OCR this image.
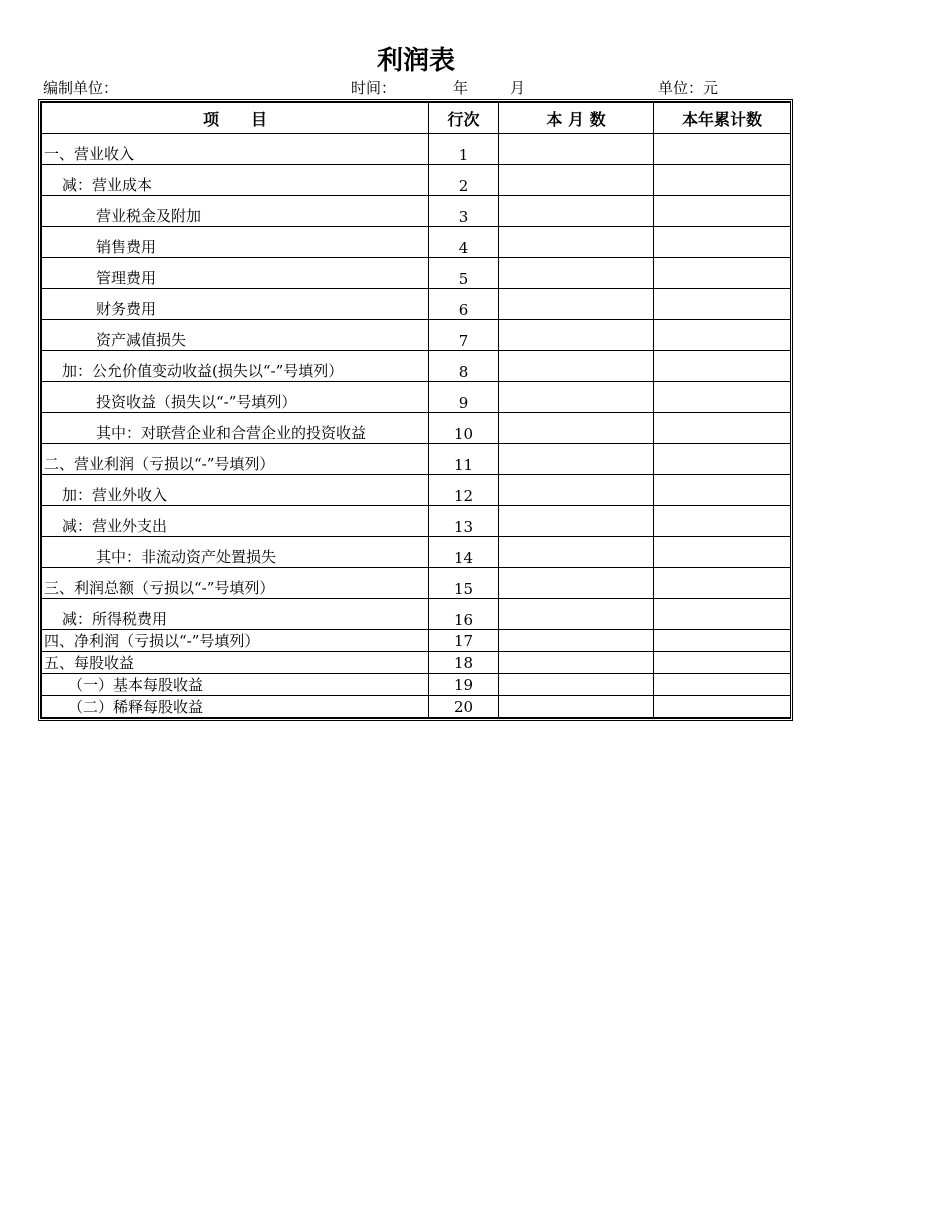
利润表
编制单位：	时间：	年	月	单位：元
项　　目	行次	本 月 数	本年累计数
一、营业收入	1		
减：营业成本	2		
营业税金及附加	3		
销售费用	4		
管理费用	5		
财务费用	6		
资产减值损失	7		
加：公允价值变动收益(损失以“-”号填列）	8		
投资收益（损失以“-”号填列）	9		
其中：对联营企业和合营企业的投资收益	10		
二、营业利润（亏损以“-”号填列）	11		
加：营业外收入	12		
减：营业外支出	13		
其中：非流动资产处置损失	14		
三、利润总额（亏损以“-”号填列）	15		
减：所得税费用	16		
四、净利润（亏损以“-”号填列）	17		
五、每股收益	18		
（一）基本每股收益	19		
（二）稀释每股收益	20		
